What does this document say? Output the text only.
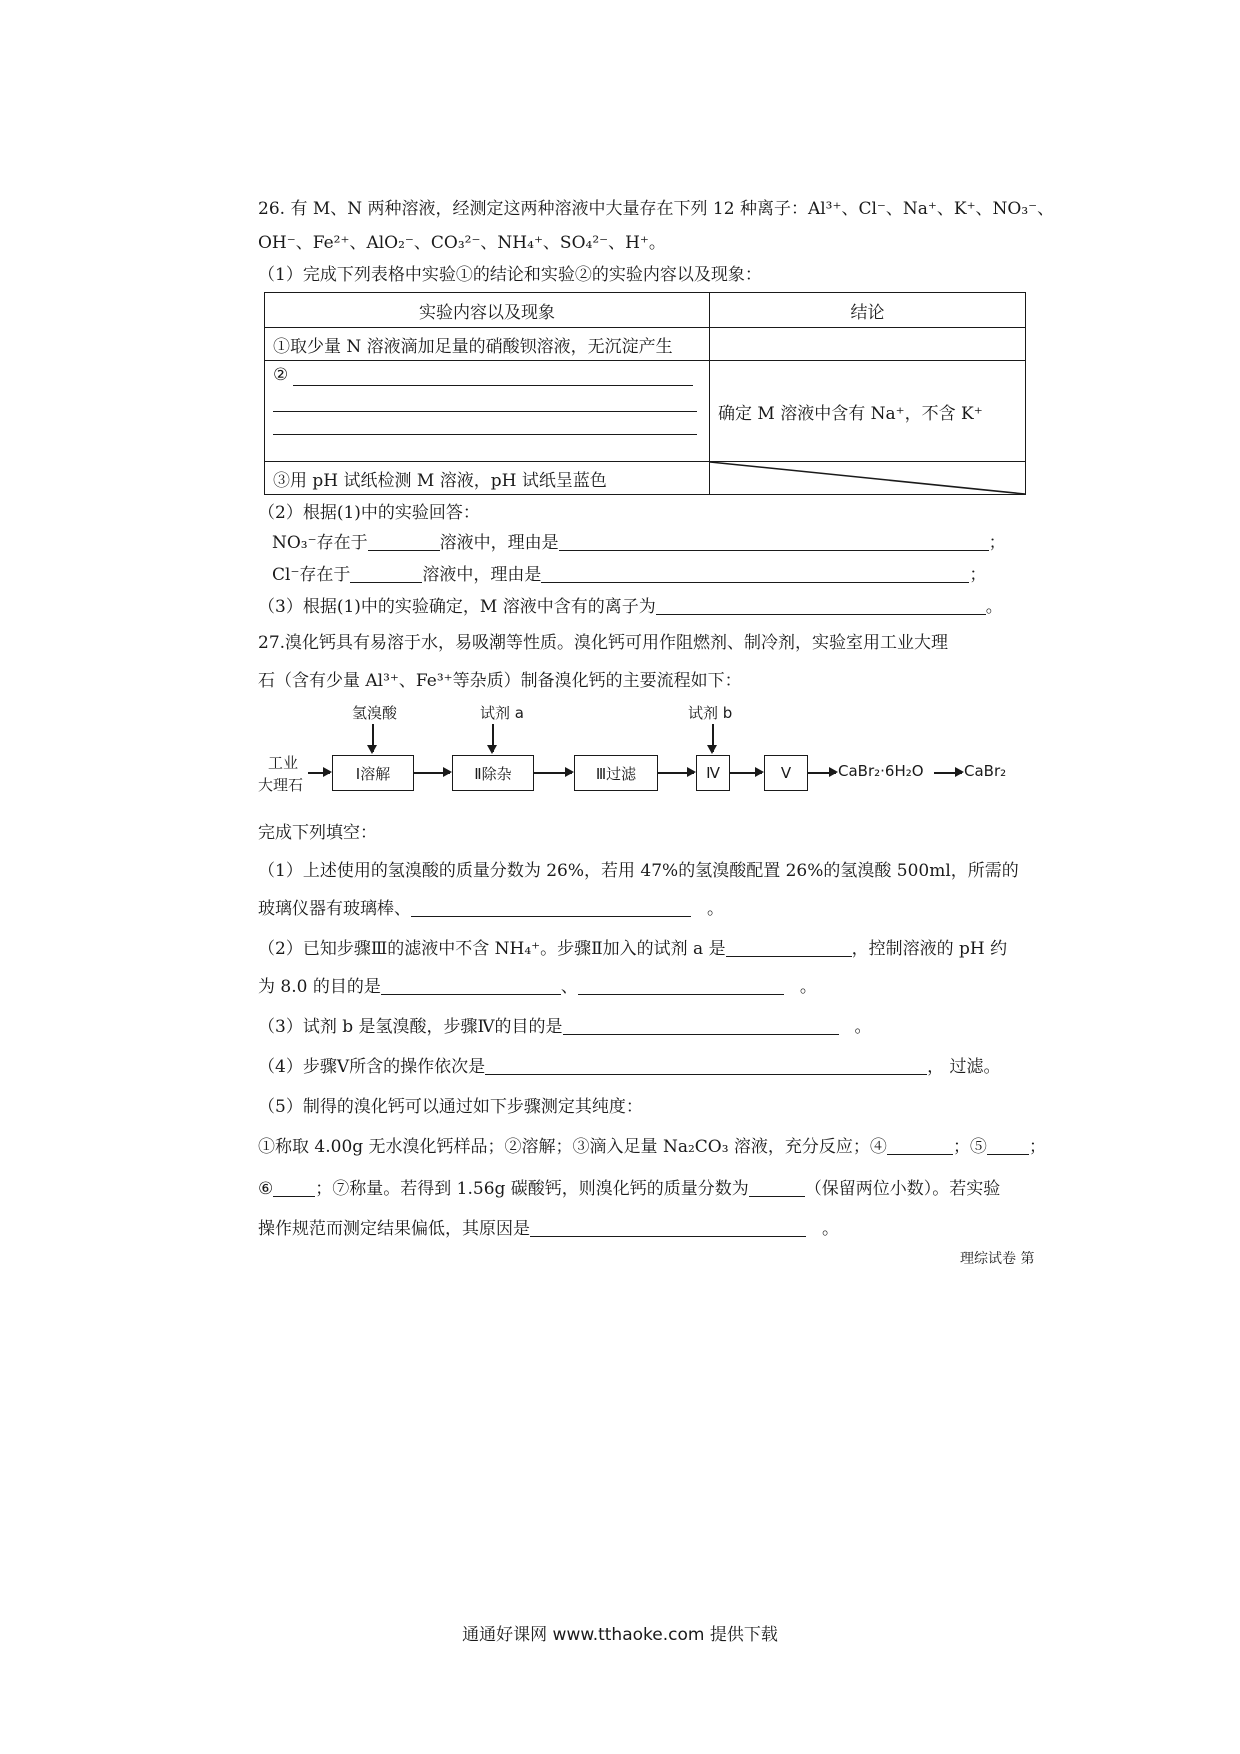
26. 有 M、N 两种溶液，经测定这两种溶液中大量存在下列 12 种离子：Al³⁺、Cl⁻、Na⁺、K⁺、NO₃⁻、
OH⁻、Fe²⁺、AlO₂⁻、CO₃²⁻、NH₄⁺、SO₄²⁻、H⁺。
（1）完成下列表格中实验①的结论和实验②的实验内容以及现象：
实验内容以及现象	结论
①取少量 N 溶液滴加足量的硝酸钡溶液，无沉淀产生	

②	确定 M 溶液中含有 Na⁺，不含 K⁺
③用 pH 试纸检测 M 溶液，pH 试纸呈蓝色	
（2）根据(1)中的实验回答：
NO₃⁻存在于	溶液中，理由是	；
Cl⁻存在于	溶液中，理由是	；
（3）根据(1)中的实验确定，M 溶液中含有的离子为	。
27.溴化钙具有易溶于水，易吸潮等性质。溴化钙可用作阻燃剂、制冷剂，实验室用工业大理
石（含有少量 Al³⁺、Fe³⁺等杂质）制备溴化钙的主要流程如下：
工业
大理石
Ⅰ溶解	Ⅱ除杂	Ⅲ过滤	Ⅳ	Ⅴ	CaBr₂·6H₂O	CaBr₂
氢溴酸	试剂 a	试剂 b
完成下列填空：
（1）上述使用的氢溴酸的质量分数为 26%，若用 47%的氢溴酸配置 26%的氢溴酸 500ml，所需的
玻璃仪器有玻璃棒、	。
（2）已知步骤Ⅲ的滤液中不含 NH₄⁺。步骤Ⅱ加入的试剂 a 是	，控制溶液的 pH 约
为 8.0 的目的是	、	。
（3）试剂 b 是氢溴酸，步骤Ⅳ的目的是	。
（4）步骤Ⅴ所含的操作依次是	， 过滤。
（5）制得的溴化钙可以通过如下步骤测定其纯度：
①称取 4.00g 无水溴化钙样品；②溶解；③滴入足量 Na₂CO₃ 溶液，充分反应；④	；⑤ ；
⑥ ；⑦称量。若得到 1.56g 碳酸钙，则溴化钙的质量分数为	（保留两位小数）。若实验
操作规范而测定结果偏低，其原因是	。
理综试卷 第
通通好课网 www.tthaoke.com 提供下载
